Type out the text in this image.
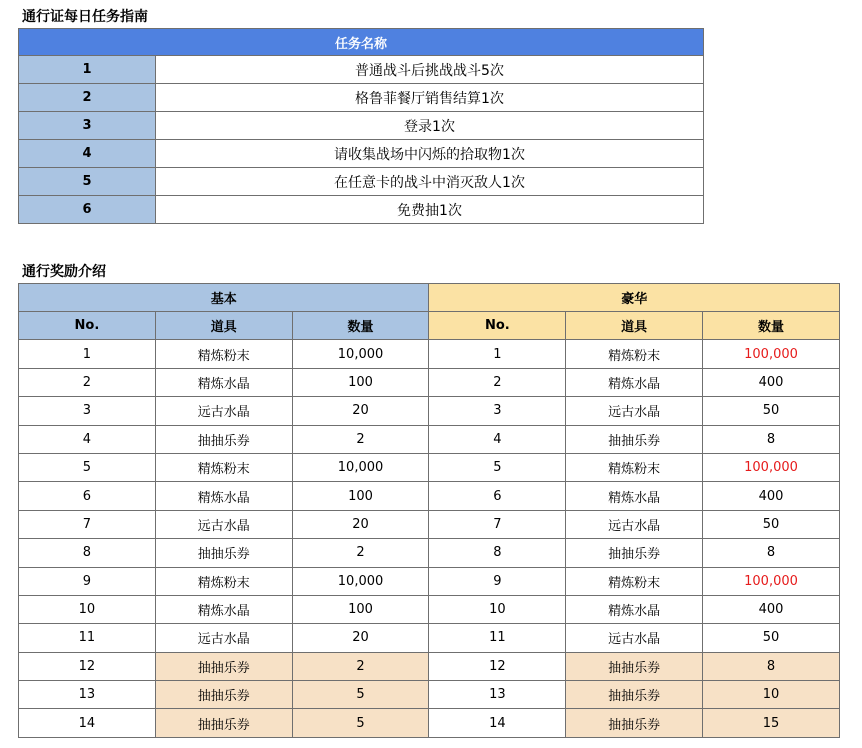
通行证每日任务指南
任务名称	
1	普通战斗后挑战战斗5次
2	格鲁菲餐厅销售结算1次
3	登录1次
4	请收集战场中闪烁的拾取物1次
5	在任意卡的战斗中消灭敌人1次
6	免费抽1次
通行奖励介绍
基本			豪华		
No.	道具	数量	No.	道具	数量
1	精炼粉末	10,000	1	精炼粉末	100,000
2	精炼水晶	100	2	精炼水晶	400
3	远古水晶	20	3	远古水晶	50
4	抽抽乐券	2	4	抽抽乐券	8
5	精炼粉末	10,000	5	精炼粉末	100,000
6	精炼水晶	100	6	精炼水晶	400
7	远古水晶	20	7	远古水晶	50
8	抽抽乐券	2	8	抽抽乐券	8
9	精炼粉末	10,000	9	精炼粉末	100,000
10	精炼水晶	100	10	精炼水晶	400
11	远古水晶	20	11	远古水晶	50
12	抽抽乐券	2	12	抽抽乐券	8
13	抽抽乐券	5	13	抽抽乐券	10
14	抽抽乐券	5	14	抽抽乐券	15
